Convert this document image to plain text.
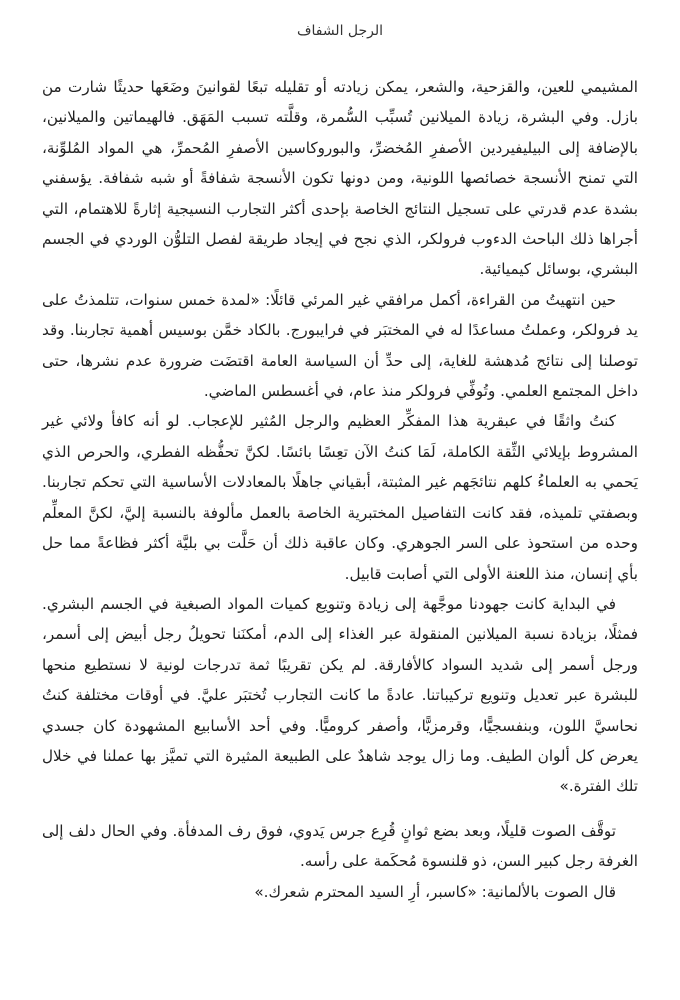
الرجل الشفاف

المشيمي للعين، والقزحية، والشعر، يمكن زيادته أو تقليله تبعًا لقوانينَ وضَعَها حديثًا شارت من بازل. وفي البشرة، زيادة الميلانين تُسبِّب السُّمرة، وقلَّته تسبب المَهَق. فالهيماتين والميلانين، بالإضافة إلى البيليفيردين الأصفرِ المُخضرِّ، والبوروكاسين الأصفرِ المُحمرِّ، هي المواد المُلوِّنة، التي تمنح الأنسجة خصائصها اللونية، ومن دونها تكون الأنسجة شفافةً أو شبه شفافة. يؤسفني بشدة عدم قدرتي على تسجيل النتائج الخاصة بإحدى أكثر التجارب النسيجية إثارةً للاهتمام، التي أجراها ذلك الباحث الدءوب فرولكر، الذي نجح في إيجاد طريقة لفصل التلوُّن الوردي في الجسم البشري، بوسائل كيميائية.

حين انتهيتُ من القراءة، أكمل مرافقي غير المرئي قائلًا: «لمدة خمس سنوات، تتلمذتُ على يد فرولكر، وعملتُ مساعدًا له في المختبَر في فرايبورج. بالكاد خمَّن بوسيس أهمية تجاربنا. وقد توصلنا إلى نتائج مُدهشة للغاية، إلى حدِّ أن السياسة العامة اقتضَت ضرورة عدم نشرها، حتى داخل المجتمع العلمي. وتُوفِّي فرولكر منذ عام، في أغسطس الماضي.

كنتُ واثقًا في عبقرية هذا المفكِّر العظيم والرجل المُثير للإعجاب. لو أنه كافأ ولائي غير المشروط بإيلائي الثِّقة الكاملة، لَمَا كنتُ الآن تعِسًا بائسًا. لكنَّ تحفُّظه الفطري، والحرص الذي يَحمي به العلماءُ كلهم نتائجَهم غير المثبتة، أبقياني جاهلًا بالمعادلات الأساسية التي تحكم تجاربنا. وبصفتي تلميذه، فقد كانت التفاصيل المختبرية الخاصة بالعمل مألوفة بالنسبة إليَّ، لكنَّ المعلِّم وحده من استحوذ على السر الجوهري. وكان عاقبة ذلك أن حَلَّت بي بليَّة أكثر فظاعةً مما حل بأي إنسان، منذ اللعنة الأولى التي أصابت قابيل.

في البداية كانت جهودنا موجَّهة إلى زيادة وتنويع كميات المواد الصبغية في الجسم البشري. فمثلًا، بزيادة نسبة الميلانين المنقولة عبر الغذاء إلى الدم، أمكنَنا تحويلُ رجل أبيض إلى أسمر، ورجل أسمر إلى شديد السواد كالأفارقة. لم يكن تقريبًا ثمة تدرجات لونية لا نستطيع منحها للبشرة عبر تعديل وتنويع تركيباتنا. عادةً ما كانت التجارب تُختبَر عليَّ. في أوقات مختلفة كنتُ نحاسيَّ اللون، وبنفسجيًّا، وقرمزيًّا، وأصفر كروميًّا. وفي أحد الأسابيع المشهودة كان جسدي يعرض كل ألوان الطيف. وما زال يوجد شاهدٌ على الطبيعة المثيرة التي تميَّز بها عملنا في خلال تلك الفترة.»

توقَّف الصوت قليلًا، وبعد بضع ثوانٍ قُرِع جرس يَدوي، فوق رف المدفأة. وفي الحال دلف إلى الغرفة رجل كبير السن، ذو قلنسوة مُحكَمة على رأسه.

قال الصوت بالألمانية: «كاسبر، أرِ السيد المحترم شعرك.»
